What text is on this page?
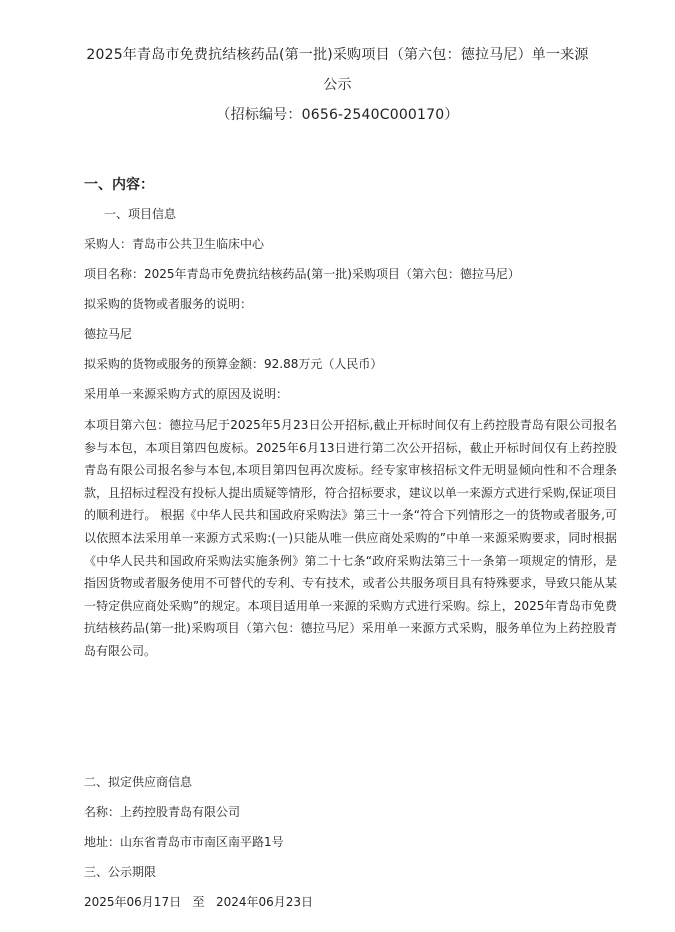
2025年青岛市免费抗结核药品(第一批)采购项目（第六包：德拉马尼）单一来源
公示
（招标编号：0656-2540C000170）
一、内容：
一、项目信息
采购人：青岛市公共卫生临床中心
项目名称：2025年青岛市免费抗结核药品(第一批)采购项目（第六包：德拉马尼）
拟采购的货物或者服务的说明：
德拉马尼
拟采购的货物或服务的预算金额：92.88万元（人民币）
采用单一来源采购方式的原因及说明：
本项目第六包：德拉马尼于2025年5月23日公开招标,截止开标时间仅有上药控股青岛有限公司报名参与本包，本项目第四包废标。2025年6月13日进行第二次公开招标，截止开标时间仅有上药控股青岛有限公司报名参与本包,本项目第四包再次废标。经专家审核招标文件无明显倾向性和不合理条款，且招标过程没有投标人提出质疑等情形，符合招标要求，建议以单一来源方式进行采购,保证项目的顺利进行。 根据《中华人民共和国政府采购法》第三十一条“符合下列情形之一的货物或者服务,可以依照本法采用单一来源方式采购:(一)只能从唯一供应商处采购的”中单一来源采购要求，同时根据《中华人民共和国政府采购法实施条例》第二十七条“政府采购法第三十一条第一项规定的情形，是指因货物或者服务使用不可替代的专利、专有技术，或者公共服务项目具有特殊要求，导致只能从某一特定供应商处采购”的规定。本项目适用单一来源的采购方式进行采购。综上，2025年青岛市免费抗结核药品(第一批)采购项目（第六包：德拉马尼）采用单一来源方式采购，服务单位为上药控股青岛有限公司。
二、拟定供应商信息
名称：上药控股青岛有限公司
地址：山东省青岛市市南区南平路1号
三、公示期限
2025年06月17日   至   2024年06月23日
